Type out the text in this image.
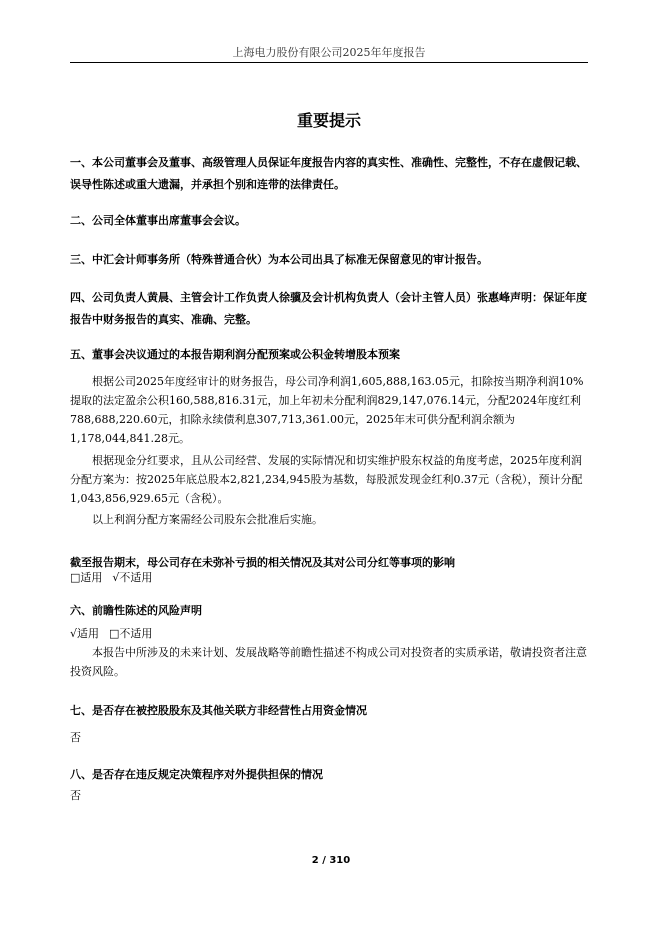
上海电力股份有限公司2025年年度报告
重要提示

一、本公司董事会及董事、高级管理人员保证年度报告内容的真实性、准确性、完整性，不存在虚假记载、误导性陈述或重大遗漏，并承担个别和连带的法律责任。

二、公司全体董事出席董事会会议。

三、中汇会计师事务所（特殊普通合伙）为本公司出具了标准无保留意见的审计报告。

四、公司负责人黄晨、主管会计工作负责人徐骥及会计机构负责人（会计主管人员）张惠峰声明：保证年度报告中财务报告的真实、准确、完整。

五、董事会决议通过的本报告期利润分配预案或公积金转增股本预案

根据公司2025年度经审计的财务报告，母公司净利润1,605,888,163.05元，扣除按当期净利润10%提取的法定盈余公积160,588,816.31元，加上年初未分配利润829,147,076.14元，分配2024年度红利788,688,220.60元，扣除永续债利息307,713,361.00元，2025年末可供分配利润余额为1,178,044,841.28元。

根据现金分红要求，且从公司经营、发展的实际情况和切实维护股东权益的角度考虑，2025年度利润分配方案为：按2025年底总股本2,821,234,945股为基数，每股派发现金红利0.37元（含税），预计分配1,043,856,929.65元（含税）。

以上利润分配方案需经公司股东会批准后实施。

截至报告期末，母公司存在未弥补亏损的相关情况及其对公司分红等事项的影响

□适用 √不适用

六、前瞻性陈述的风险声明

√适用 □不适用

本报告中所涉及的未来计划、发展战略等前瞻性描述不构成公司对投资者的实质承诺，敬请投资者注意投资风险。

七、是否存在被控股股东及其他关联方非经营性占用资金情况

否

八、是否存在违反规定决策程序对外提供担保的情况

否

2 / 310
